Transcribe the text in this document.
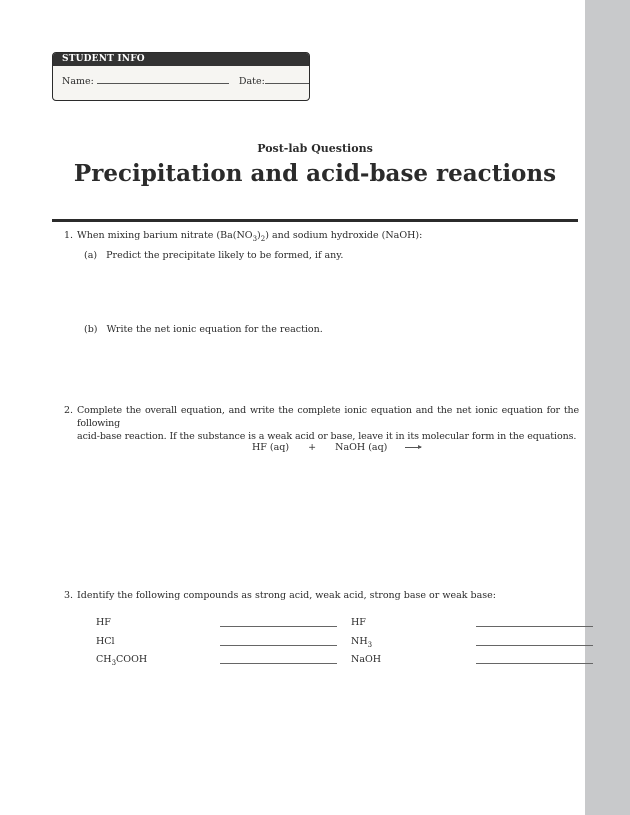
STUDENT INFO
Name:	Date:
Post-lab Questions
Precipitation and acid-base reactions
1. When mixing barium nitrate $(Ba(NO_3)_2)$ and sodium hydroxide (NaOH):
(a) Predict the precipitate likely to be formed, if any.
(b) Write the net ionic equation for the reaction.
2. Complete the overall equation, and write the complete ionic equation and the net ionic equation for the following
acid-base reaction. If the substance is a weak acid or base, leave it in its molecular form in the equations.
HF (aq) + NaOH (aq)
3. Identify the following compounds as strong acid, weak acid, strong base or weak base:
HF	HF
HCl	$NH_3$
$CH_3COOH$	NaOH
